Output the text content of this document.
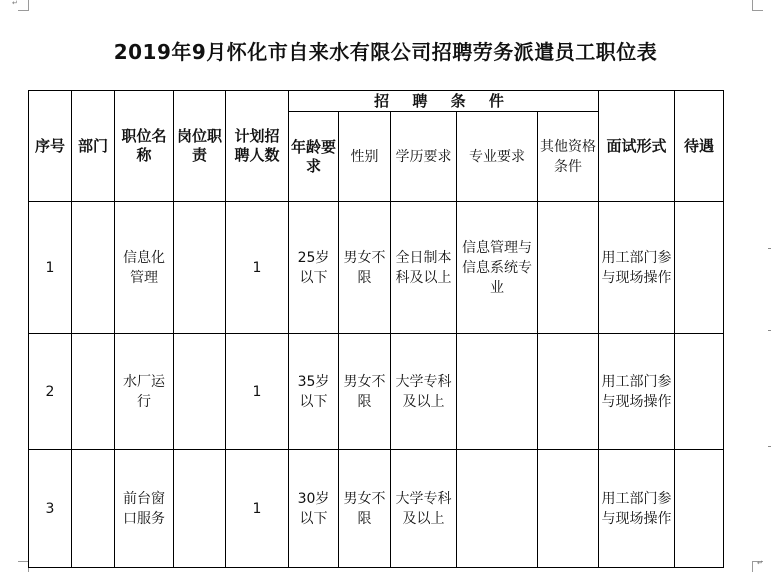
↵
↵
2019年9月怀化市自来水有限公司招聘劳务派遣员工职位表
序号	部门	职位名称	岗位职责	计划招聘人数	招 聘 条 件					面试形式	待遇
					年龄要求	性别	学历要求	专业要求	其他资格条件		
1		信息化管理		1	25岁以下	男女不限	全日制本科及以上	信息管理与信息系统专业		用工部门参与现场操作	
2		水厂运行		1	35岁以下	男女不限	大学专科及以上			用工部门参与现场操作	
3		前台窗口服务		1	30岁以下	男女不限	大学专科及以上			用工部门参与现场操作	
